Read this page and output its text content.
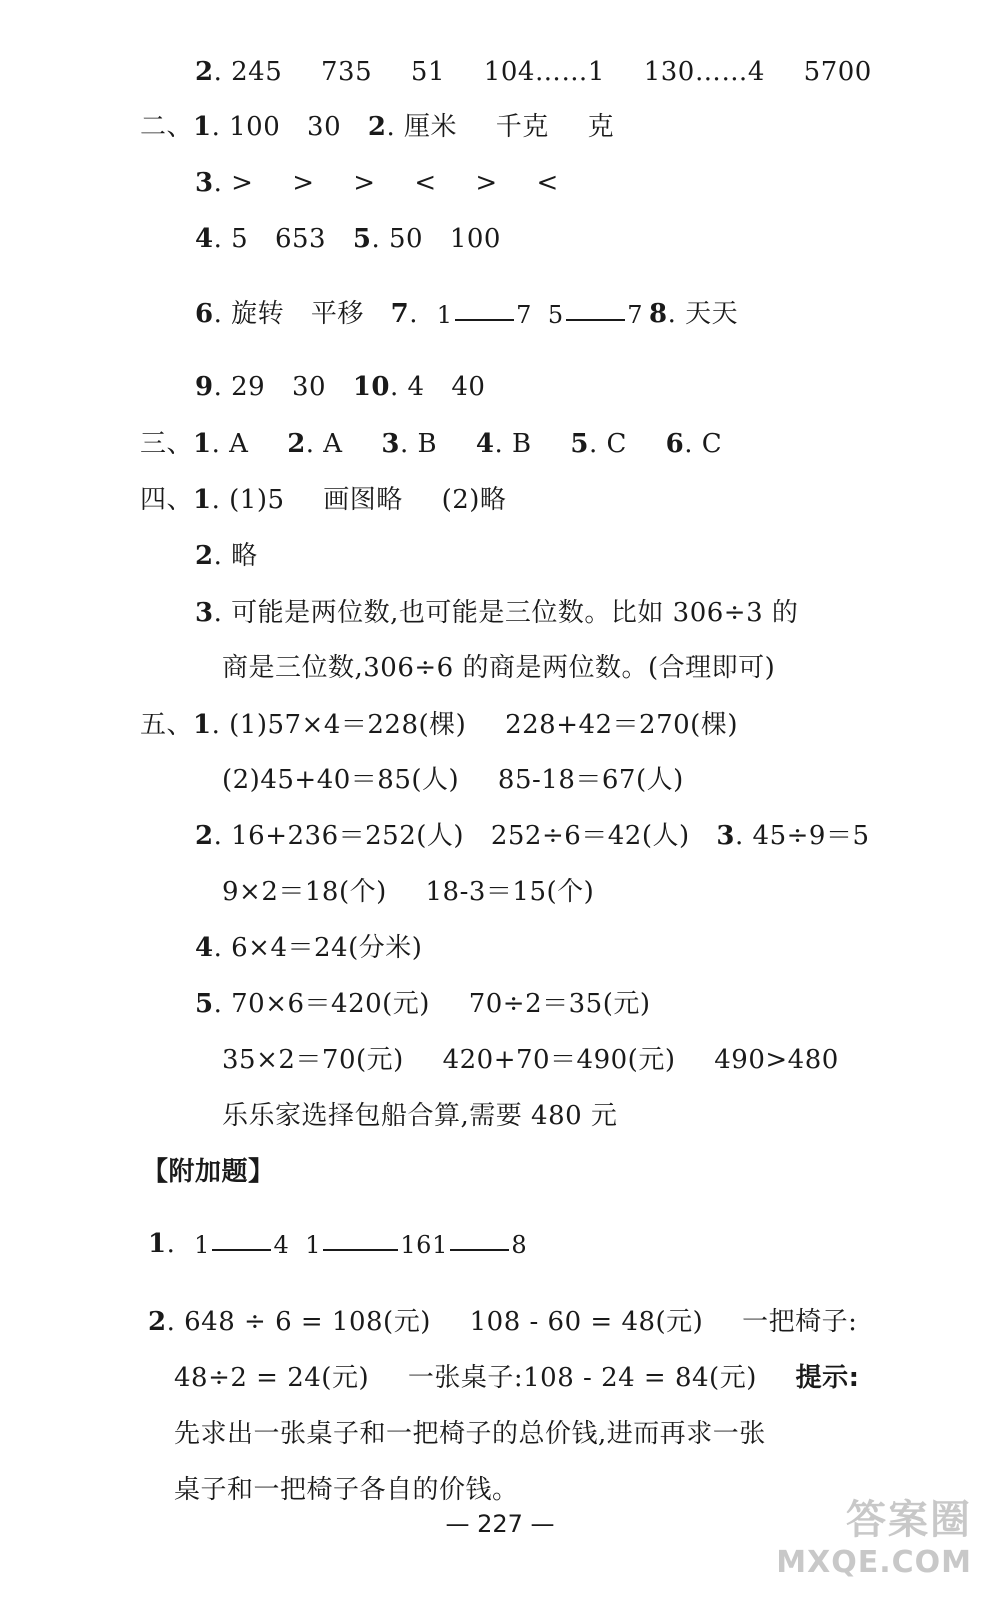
2. 245 735 51 104……1 130……4 5700
二、1. 100 30 2. 厘米 千克 克
3. > > > < > <
4. 5 653 5. 50 100
6. 旋转 平移 7. 1	7 5	7 8. 天天
9. 29 30 10. 4 40
三、1. A 2. A 3. B 4. B 5. C 6. C
四、1. (1)5 画图略 (2)略
2. 略
3. 可能是两位数,也可能是三位数。比如 306÷3 的
商是三位数,306÷6 的商是两位数。(合理即可)
五、1. (1)57×4＝228(棵) 228+42＝270(棵)
(2)45+40＝85(人) 85-18＝67(人)
2. 16+236＝252(人) 252÷6＝42(人) 3. 45÷9＝5
9×2＝18(个) 18-3＝15(个)
4. 6×4＝24(分米)
5. 70×6＝420(元) 70÷2＝35(元)
35×2＝70(元) 420+70＝490(元) 490>480
乐乐家选择包船合算,需要 480 元
【附加题】
1. 1	4 1	16  1	8
2. 648 ÷ 6 = 108(元) 108 - 60 = 48(元) 一把椅子:
48÷2 = 24(元) 一张桌子:108 - 24 = 84(元) 提示:
先求出一张桌子和一把椅子的总价钱,进而再求一张
桌子和一把椅子各自的价钱。
— 227 —	答案圈
MXQE.COM
